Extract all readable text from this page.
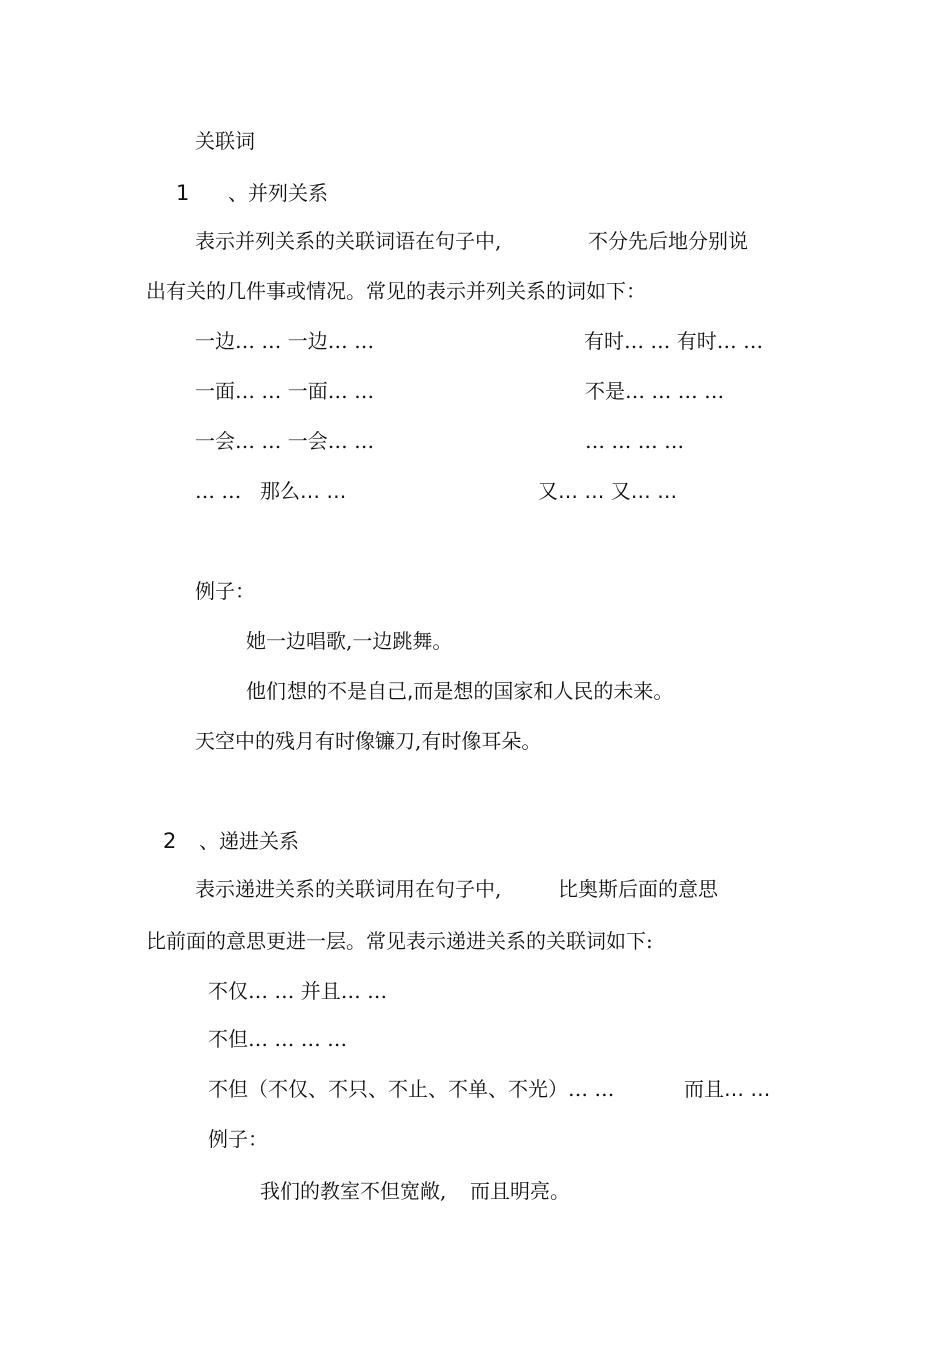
关联词
1 、并列关系
表示并列关系的关联词语在句子中,	不分先后地分别说
出有关的几件事或情况。常见的表示并列关系的词如下：
一边… … 一边… …	有时… … 有时… …
一面… … 一面… …	不是… … … …
一会… … 一会… …	… … … …
… … 那么… …	又… … 又… …
例子：
她一边唱歌,一边跳舞。
他们 想的不是自己,而是想的国家和人民的未来。
天空中的残月有时像镰刀,有时像耳朵。
2 、递进关系
表示递进关系的关联词用在句子中,	比奥斯后面的意思
比前面的意思更进一层。常见表示递进关系的关联词如下:
不仅… … 并且… …
不但… … … …
不但（不仅、不只、不止、不单、不光）… …	而且… …
例子：
我们的教室不但宽敞, 而且明亮。
